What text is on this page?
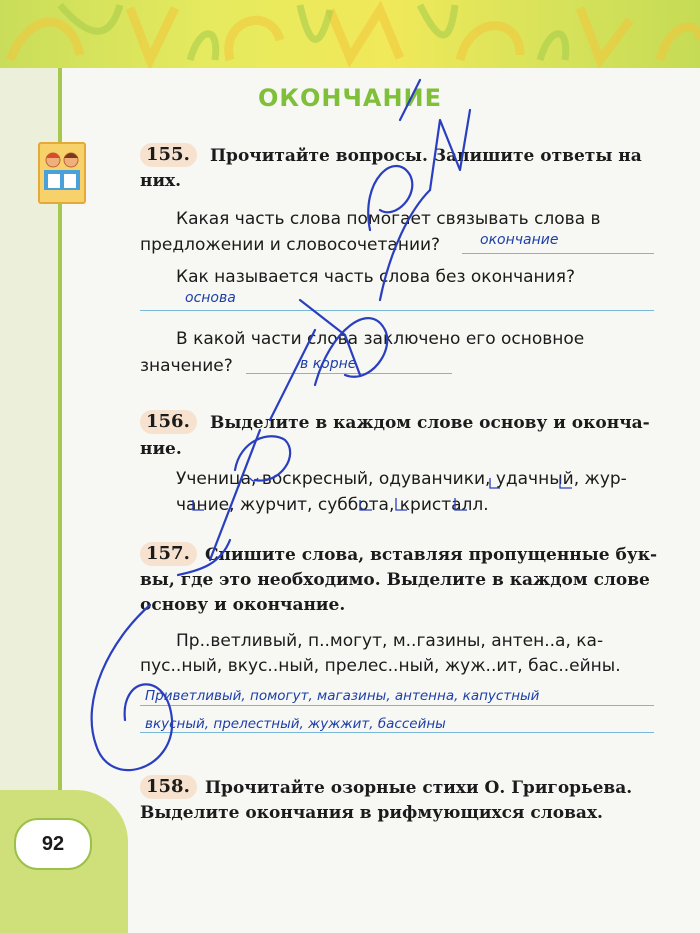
92
ОКОНЧАНИЕ
155.	Прочитайте вопросы. Запишите ответы на
них.
Какая часть слова помогает связывать слова в
предложении и словосочетании?	окончание
Как называется часть слова без окончания?
основа
В какой части слова заключено его основное
значение?	в корне
156.	Выделите в каждом слове основу и оконча-
ние.
Ученица, воскресный, одуванчики, удачный, жур-
чание, журчит, суббота, кристалл.
157. Спишите слова, вставляя пропущенные бук-
вы, где это необходимо. Выделите в каждом слове
основу и окончание.
Пр..ветливый, п..могут, м..газины, антен..а, ка-
пус..ный, вкус..ный, прелес..ный, жуж..ит, бас..ейны.
Приветливый, помогут, магазины, антенна, капустный
вкусный, прелестный, жужжит, бассейны
158. Прочитайте озорные стихи О. Григорьева.
Выделите окончания в рифмующихся словах.
